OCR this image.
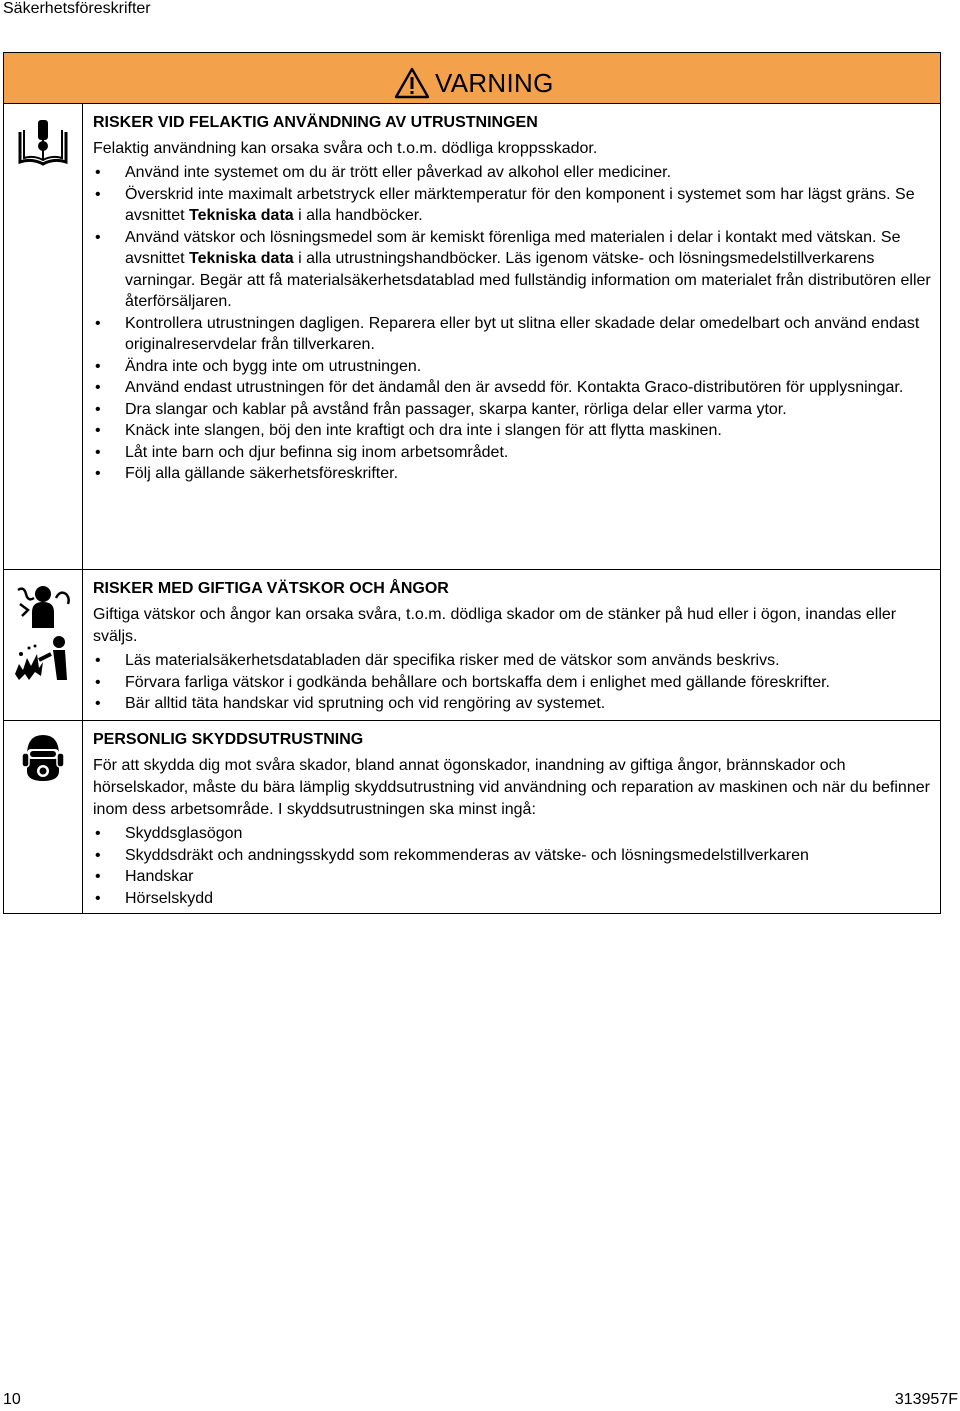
Säkerhetsföreskrifter
VARNING
RISKER VID FELAKTIG ANVÄNDNING AV UTRUSTNINGEN
Felaktig användning kan orsaka svåra och t.o.m. dödliga kroppsskador.
• Använd inte systemet om du är trött eller påverkad av alkohol eller mediciner.
• Överskrid inte maximalt arbetstryck eller märktemperatur för den komponent i systemet som har lägst gräns. Se avsnittet Tekniska data i alla handböcker.
• Använd vätskor och lösningsmedel som är kemiskt förenliga med materialen i delar i kontakt med vätskan. Se avsnittet Tekniska data i alla utrustningshandböcker. Läs igenom vätske- och lösningsmedelstillverkarens varningar. Begär att få materialsäkerhetsdatablad med fullständig information om materialet från distributören eller återförsäljaren.
• Kontrollera utrustningen dagligen. Reparera eller byt ut slitna eller skadade delar omedelbart och använd endast originalreservdelar från tillverkaren.
• Ändra inte och bygg inte om utrustningen.
• Använd endast utrustningen för det ändamål den är avsedd för. Kontakta Graco-distributören för upplysningar.
• Dra slangar och kablar på avstånd från passager, skarpa kanter, rörliga delar eller varma ytor.
• Knäck inte slangen, böj den inte kraftigt och dra inte i slangen för att flytta maskinen.
• Låt inte barn och djur befinna sig inom arbetsområdet.
• Följ alla gällande säkerhetsföreskrifter.
RISKER MED GIFTIGA VÄTSKOR OCH ÅNGOR
Giftiga vätskor och ångor kan orsaka svåra, t.o.m. dödliga skador om de stänker på hud eller i ögon, inandas eller sväljs.
• Läs materialsäkerhetsdatabladen där specifika risker med de vätskor som används beskrivs.
• Förvara farliga vätskor i godkända behållare och bortskaffa dem i enlighet med gällande föreskrifter.
• Bär alltid täta handskar vid sprutning och vid rengöring av systemet.
PERSONLIG SKYDDSUTRUSTNING
För att skydda dig mot svåra skador, bland annat ögonskador, inandning av giftiga ångor, brännskador och hörselskador, måste du bära lämplig skyddsutrustning vid användning och reparation av maskinen och när du befinner inom dess arbetsområde. I skyddsutrustningen ska minst ingå:
• Skyddsglasögon
• Skyddsdräkt och andningsskydd som rekommenderas av vätske- och lösningsmedelstillverkaren
• Handskar
• Hörselskydd
10	313957F
